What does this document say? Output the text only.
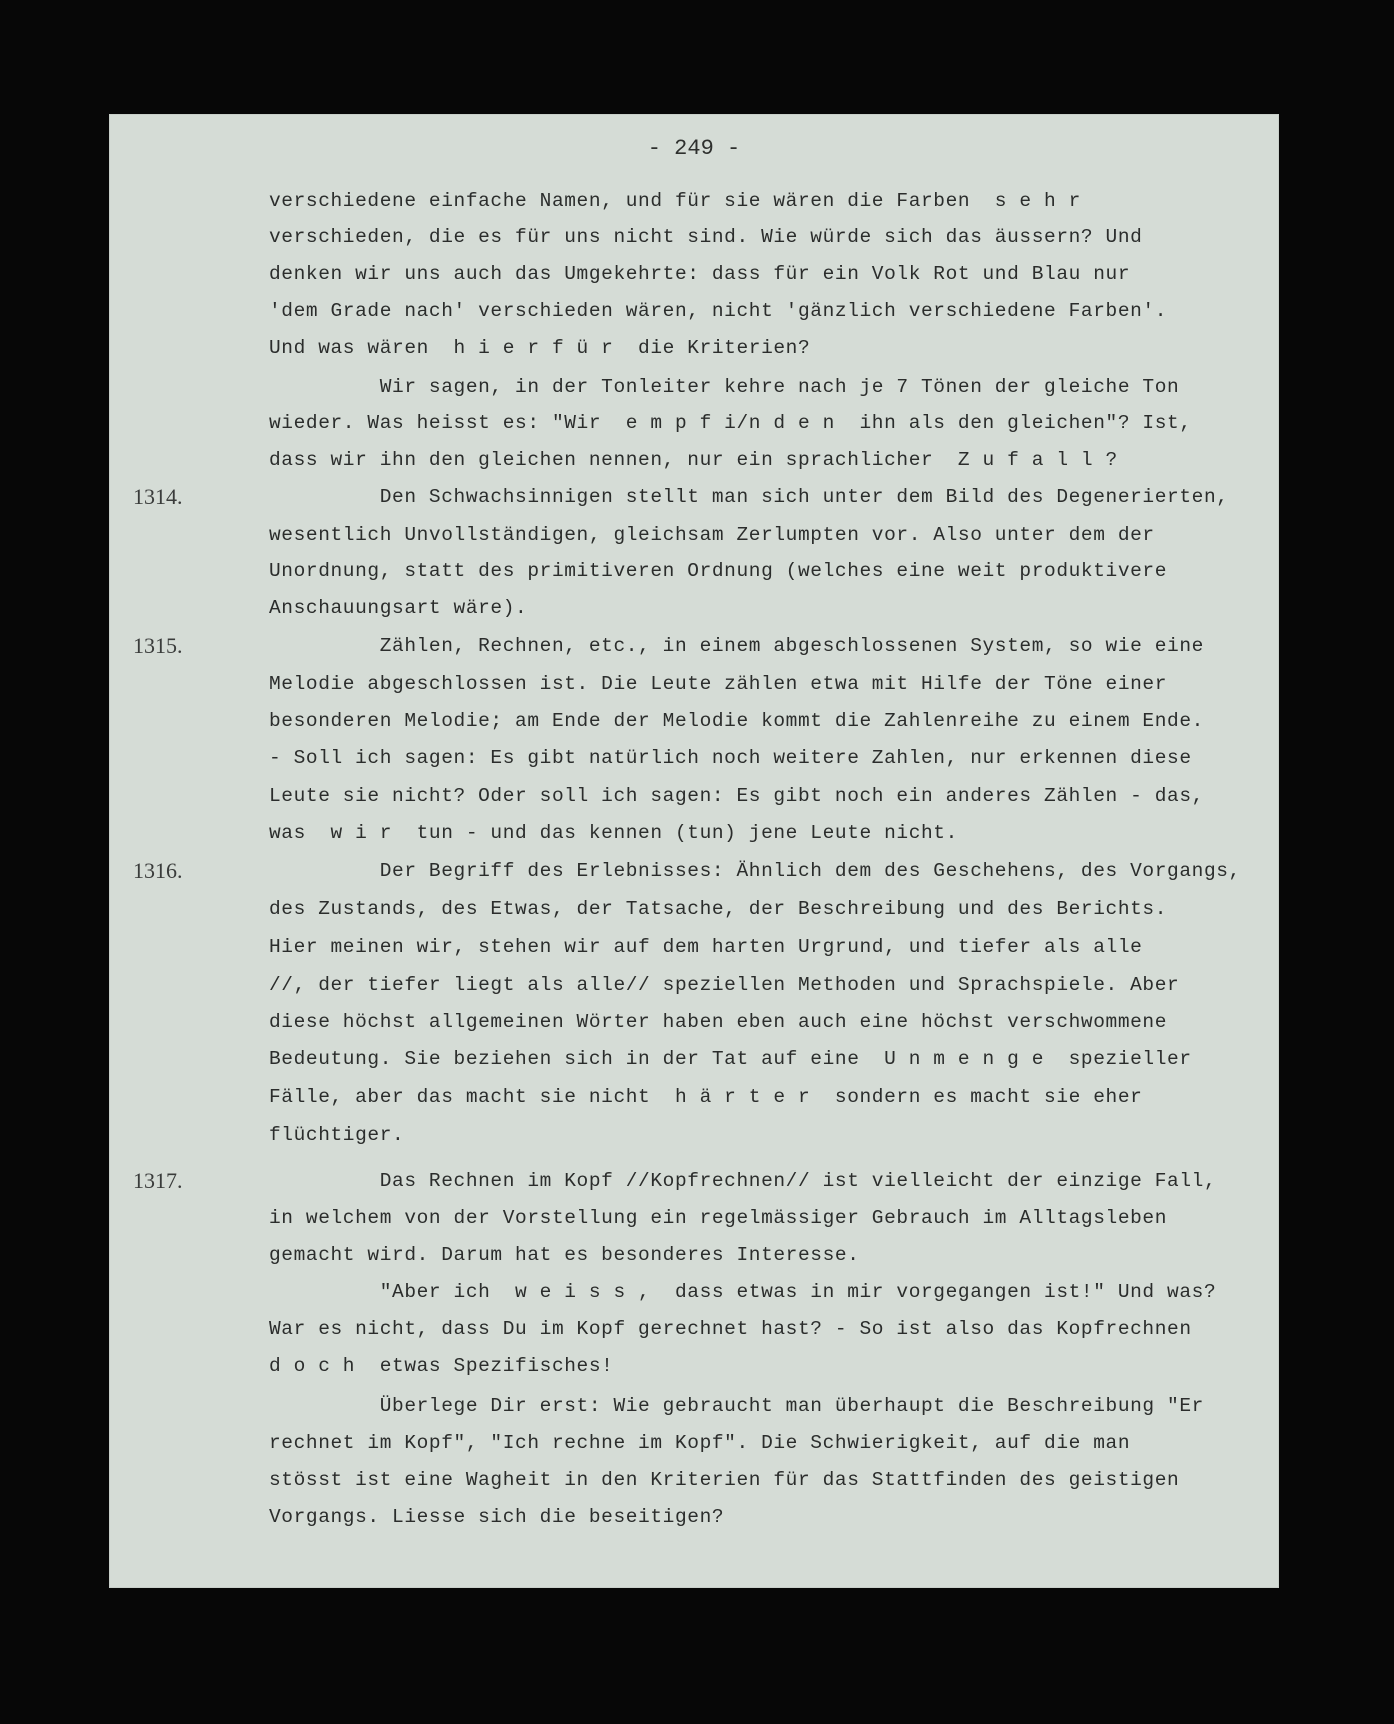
- 249 -
verschiedene einfache Namen, und für sie wären die Farben  s e h r
verschieden, die es für uns nicht sind. Wie würde sich das äussern? Und
denken wir uns auch das Umgekehrte: dass für ein Volk Rot und Blau nur
'dem Grade nach' verschieden wären, nicht 'gänzlich verschiedene Farben'.
Und was wären  h i e r f ü r  die Kriterien?
Wir sagen, in der Tonleiter kehre nach je 7 Tönen der gleiche Ton
wieder. Was heisst es: "Wir  e m p f i/n d e n  ihn als den gleichen"? Ist,
dass wir ihn den gleichen nennen, nur ein sprachlicher  Z u f a l l ?
1314.	Den Schwachsinnigen stellt man sich unter dem Bild des Degenerierten,
wesentlich Unvollständigen, gleichsam Zerlumpten vor. Also unter dem der
Unordnung, statt des primitiveren Ordnung (welches eine weit produktivere
Anschauungsart wäre).
1315.	Zählen, Rechnen, etc., in einem abgeschlossenen System, so wie eine
Melodie abgeschlossen ist. Die Leute zählen etwa mit Hilfe der Töne einer
besonderen Melodie; am Ende der Melodie kommt die Zahlenreihe zu einem Ende.
- Soll ich sagen: Es gibt natürlich noch weitere Zahlen, nur erkennen diese
Leute sie nicht? Oder soll ich sagen: Es gibt noch ein anderes Zählen - das,
was  w i r  tun - und das kennen (tun) jene Leute nicht.
1316.	Der Begriff des Erlebnisses: Ähnlich dem des Geschehens, des Vorgangs,
des Zustands, des Etwas, der Tatsache, der Beschreibung und des Berichts.
Hier meinen wir, stehen wir auf dem harten Urgrund, und tiefer als alle
//, der tiefer liegt als alle// speziellen Methoden und Sprachspiele. Aber
diese höchst allgemeinen Wörter haben eben auch eine höchst verschwommene
Bedeutung. Sie beziehen sich in der Tat auf eine  U n m e n g e  spezieller
Fälle, aber das macht sie nicht  h ä r t e r  sondern es macht sie eher
flüchtiger.
1317.	Das Rechnen im Kopf //Kopfrechnen// ist vielleicht der einzige Fall,
in welchem von der Vorstellung ein regelmässiger Gebrauch im Alltagsleben
gemacht wird. Darum hat es besonderes Interesse.
"Aber ich  w e i s s ,  dass etwas in mir vorgegangen ist!" Und was?
War es nicht, dass Du im Kopf gerechnet hast? - So ist also das Kopfrechnen
d o c h  etwas Spezifisches!
Überlege Dir erst: Wie gebraucht man überhaupt die Beschreibung "Er
rechnet im Kopf", "Ich rechne im Kopf". Die Schwierigkeit, auf die man
stösst ist eine Wagheit in den Kriterien für das Stattfinden des geistigen
Vorgangs. Liesse sich die beseitigen?
